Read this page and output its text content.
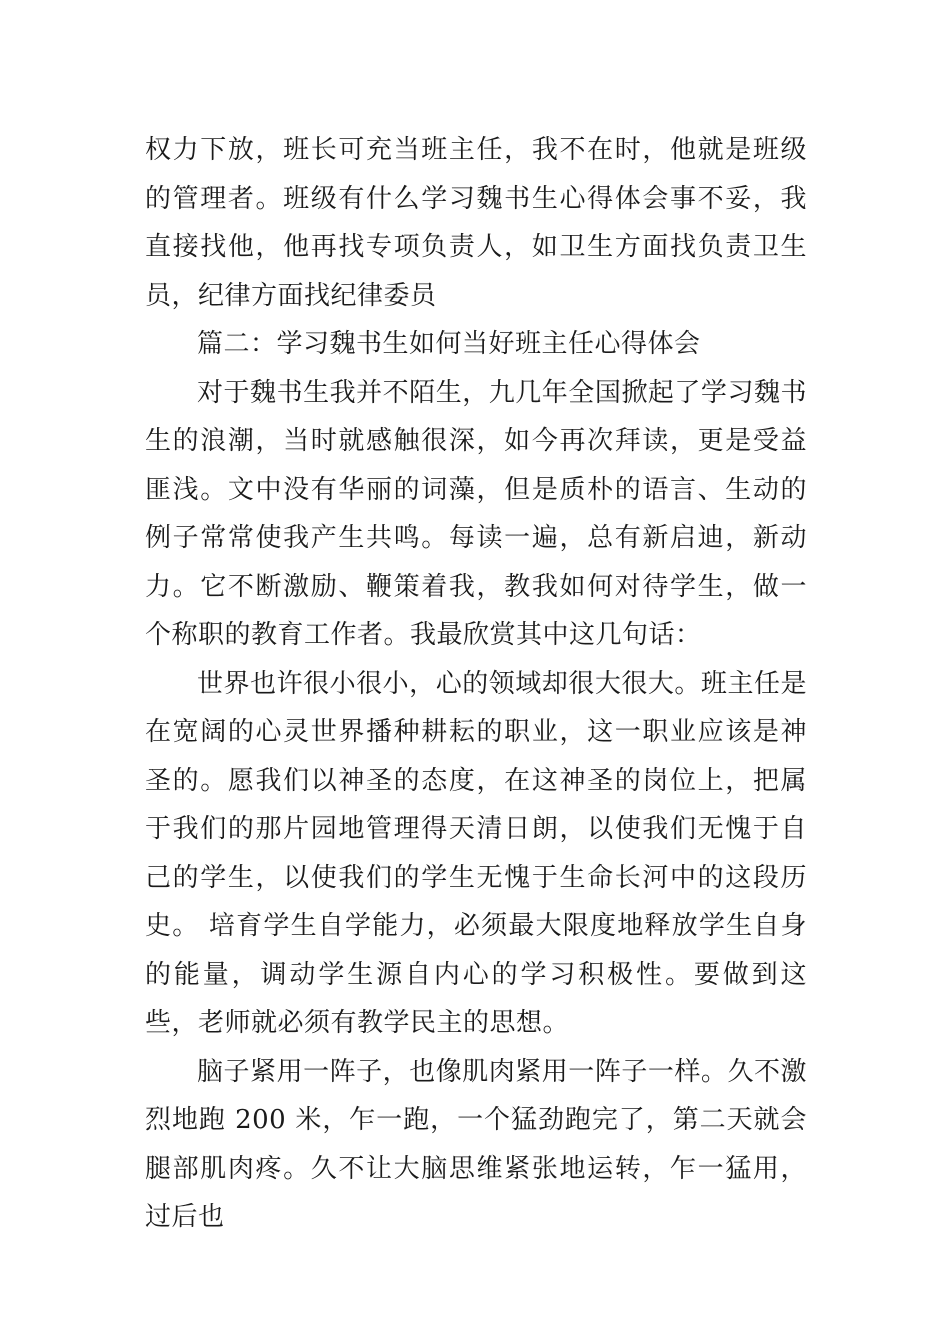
权力下放，班长可充当班主任，我不在时，他就是班级的管理者。班级有什么学习魏书生心得体会事不妥，我直接找他，他再找专项负责人，如卫生方面找负责卫生员，纪律方面找纪律委员

篇二：学习魏书生如何当好班主任心得体会

对于魏书生我并不陌生，九几年全国掀起了学习魏书生的浪潮，当时就感触很深，如今再次拜读，更是受益匪浅。文中没有华丽的词藻，但是质朴的语言、生动的例子常常使我产生共鸣。每读一遍，总有新启迪，新动力。它不断激励、鞭策着我，教我如何对待学生，做一个称职的教育工作者。我最欣赏其中这几句话：

世界也许很小很小，心的领域却很大很大。班主任是在宽阔的心灵世界播种耕耘的职业，这一职业应该是神圣的。愿我们以神圣的态度，在这神圣的岗位上，把属于我们的那片园地管理得天清日朗，以使我们无愧于自己的学生，以使我们的学生无愧于生命长河中的这段历史。 培育学生自学能力，必须最大限度地释放学生自身的能量，调动学生源自内心的学习积极性。要做到这些，老师就必须有教学民主的思想。

脑子紧用一阵子，也像肌肉紧用一阵子一样。久不激烈地跑 200 米，乍一跑，一个猛劲跑完了，第二天就会腿部肌肉疼。久不让大脑思维紧张地运转，乍一猛用，过后也
